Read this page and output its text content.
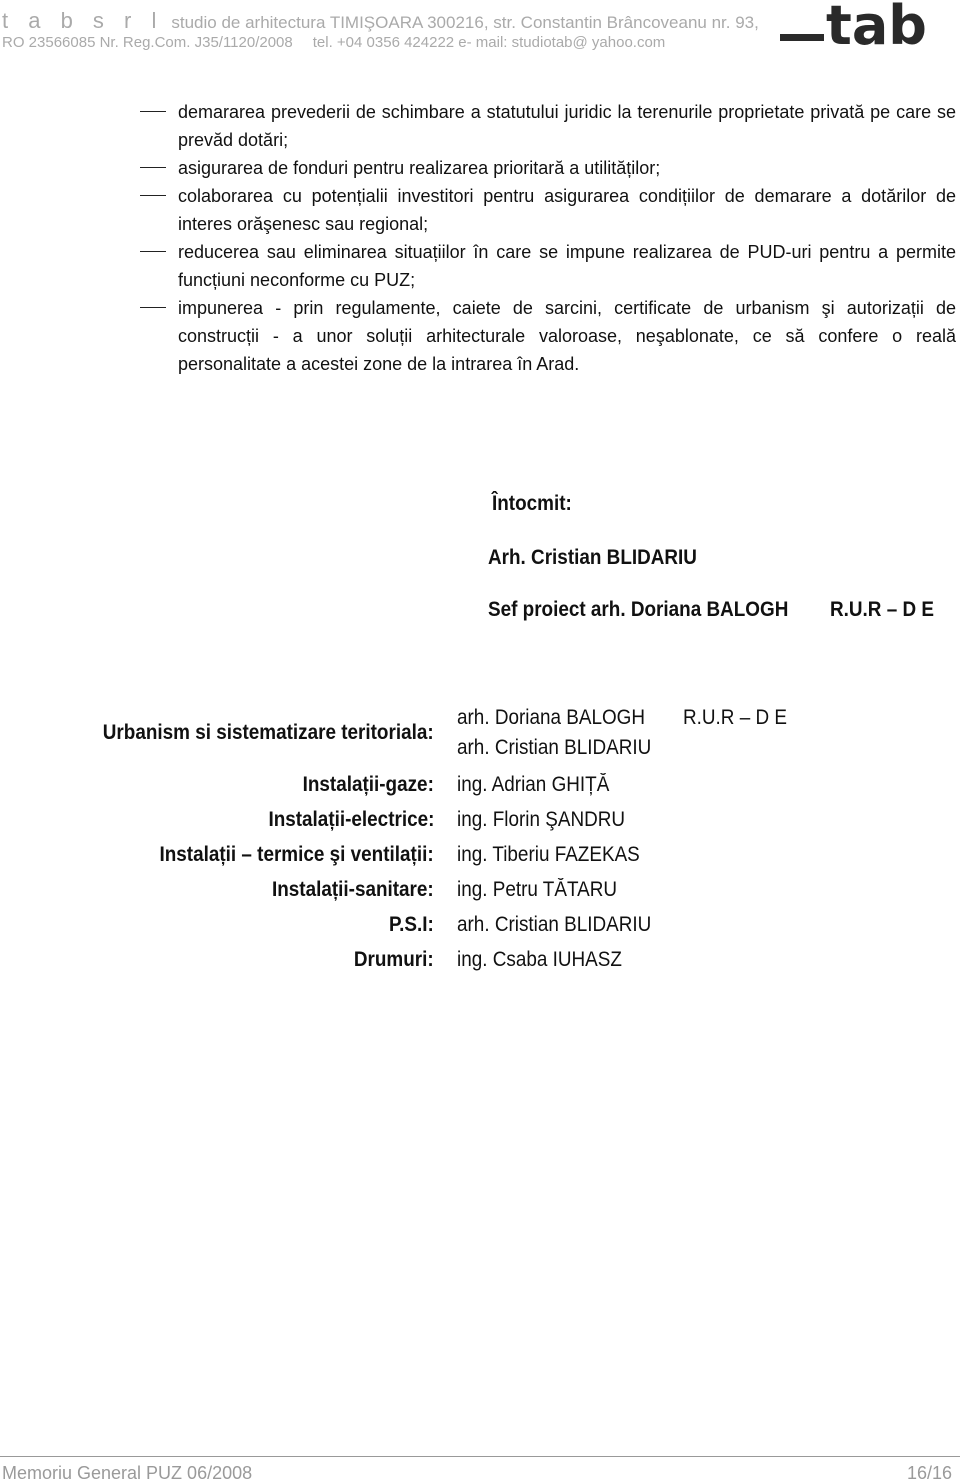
t a b s r l studio de arhitectura TIMIŞOARA 300216, str. Constantin Brâncoveanu nr. 93,
RO 23566085 Nr. Reg.Com. J35/1120/2008 tel. +04 0356 424222 e- mail: studiotab@ yahoo.com	tab
demararea prevederii de schimbare a statutului juridic la terenurile proprietate privată pe care se prevăd dotări;
asigurarea de fonduri pentru realizarea prioritară a utilităților;
colaborarea cu potențialii investitori pentru asigurarea condițiilor de demarare a dotărilor de interes orăşenesc sau regional;
reducerea sau eliminarea situațiilor în care se impune realizarea de PUD-uri pentru a permite funcțiuni neconforme cu PUZ;
impunerea - prin regulamente, caiete de sarcini, certificate de urbanism şi autorizații de construcții - a unor soluții arhitecturale valoroase, neşablonate, ce să confere o reală personalitate a acestei zone de la intrarea în Arad.
Întocmit:
Arh. Cristian BLIDARIU
Sef proiect arh. Doriana BALOGH R.U.R – D E
Urbanism si sistematizare teritoriala:
arh. Doriana BALOGH
arh. Cristian BLIDARIU
R.U.R – D E
Instalații-gaze: ing. Adrian GHIȚĂ
Instalații-electrice: ing. Florin ŞANDRU
Instalații – termice şi ventilații: ing. Tiberiu FAZEKAS
Instalații-sanitare: ing. Petru TĂTARU
P.S.I: arh. Cristian BLIDARIU
Drumuri: ing. Csaba IUHASZ
Memoriu General PUZ 06/2008	16/16
